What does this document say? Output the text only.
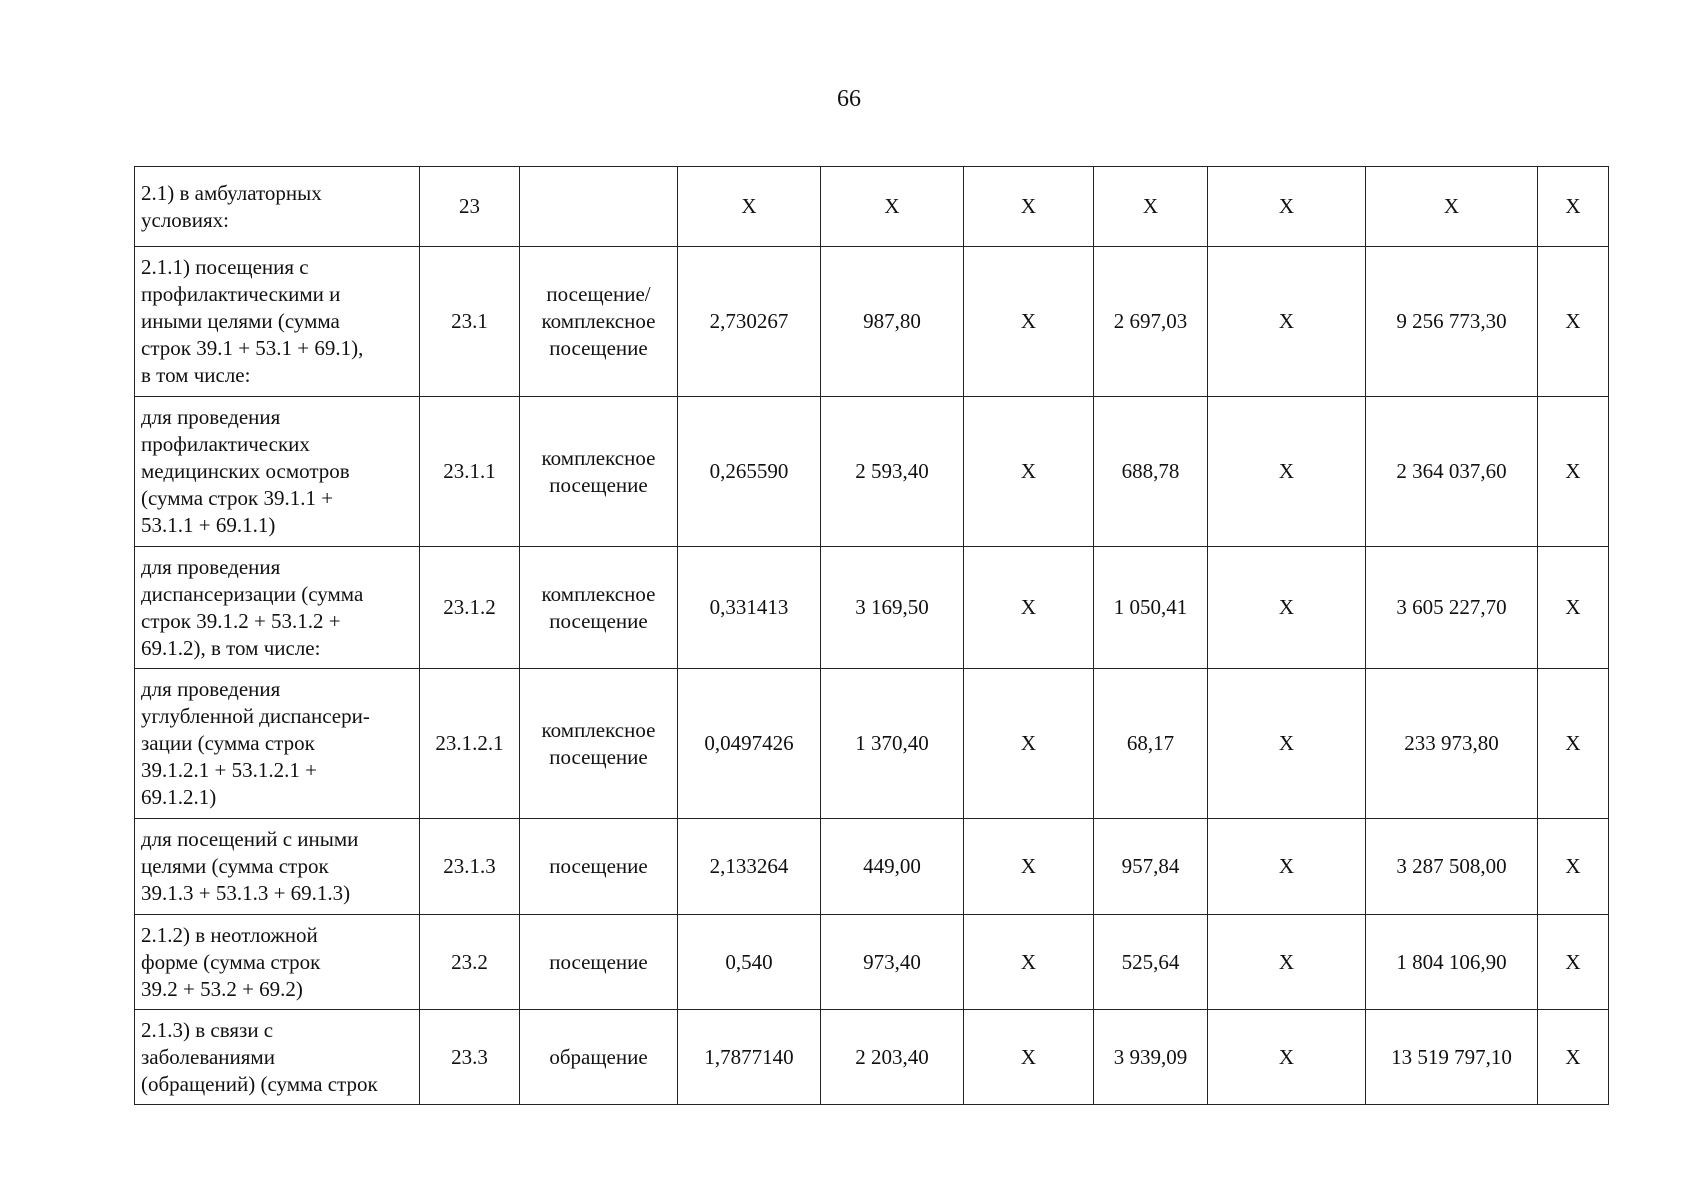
66
2.1) в амбулаторных
условиях:	23		Х	Х	Х	Х	Х	Х	Х
2.1.1) посещения с
профилактическими и
иными целями (сумма
строк 39.1 + 53.1 + 69.1),
в том числе:	23.1	посещение/
комплексное
посещение	2,730267	987,80	Х	2 697,03	Х	9 256 773,30	Х
для проведения
профилактических
медицинских осмотров
(сумма строк 39.1.1 +
53.1.1 + 69.1.1)	23.1.1	комплексное
посещение	0,265590	2 593,40	Х	688,78	Х	2 364 037,60	Х
для проведения
диспансеризации (сумма
строк 39.1.2 + 53.1.2 +
69.1.2), в том числе:	23.1.2	комплексное
посещение	0,331413	3 169,50	Х	1 050,41	Х	3 605 227,70	Х
для проведения
углубленной диспансери-
зации (сумма строк
39.1.2.1 + 53.1.2.1 +
69.1.2.1)	23.1.2.1	комплексное
посещение	0,0497426	1 370,40	Х	68,17	Х	233 973,80	Х
для посещений с иными
целями (сумма строк
39.1.3 + 53.1.3 + 69.1.3)	23.1.3	посещение	2,133264	449,00	Х	957,84	Х	3 287 508,00	Х
2.1.2) в неотложной
форме (сумма строк
39.2 + 53.2 + 69.2)	23.2	посещение	0,540	973,40	Х	525,64	Х	1 804 106,90	Х
2.1.3) в связи с
заболеваниями
(обращений) (сумма строк	23.3	обращение	1,7877140	2 203,40	Х	3 939,09	Х	13 519 797,10	Х
